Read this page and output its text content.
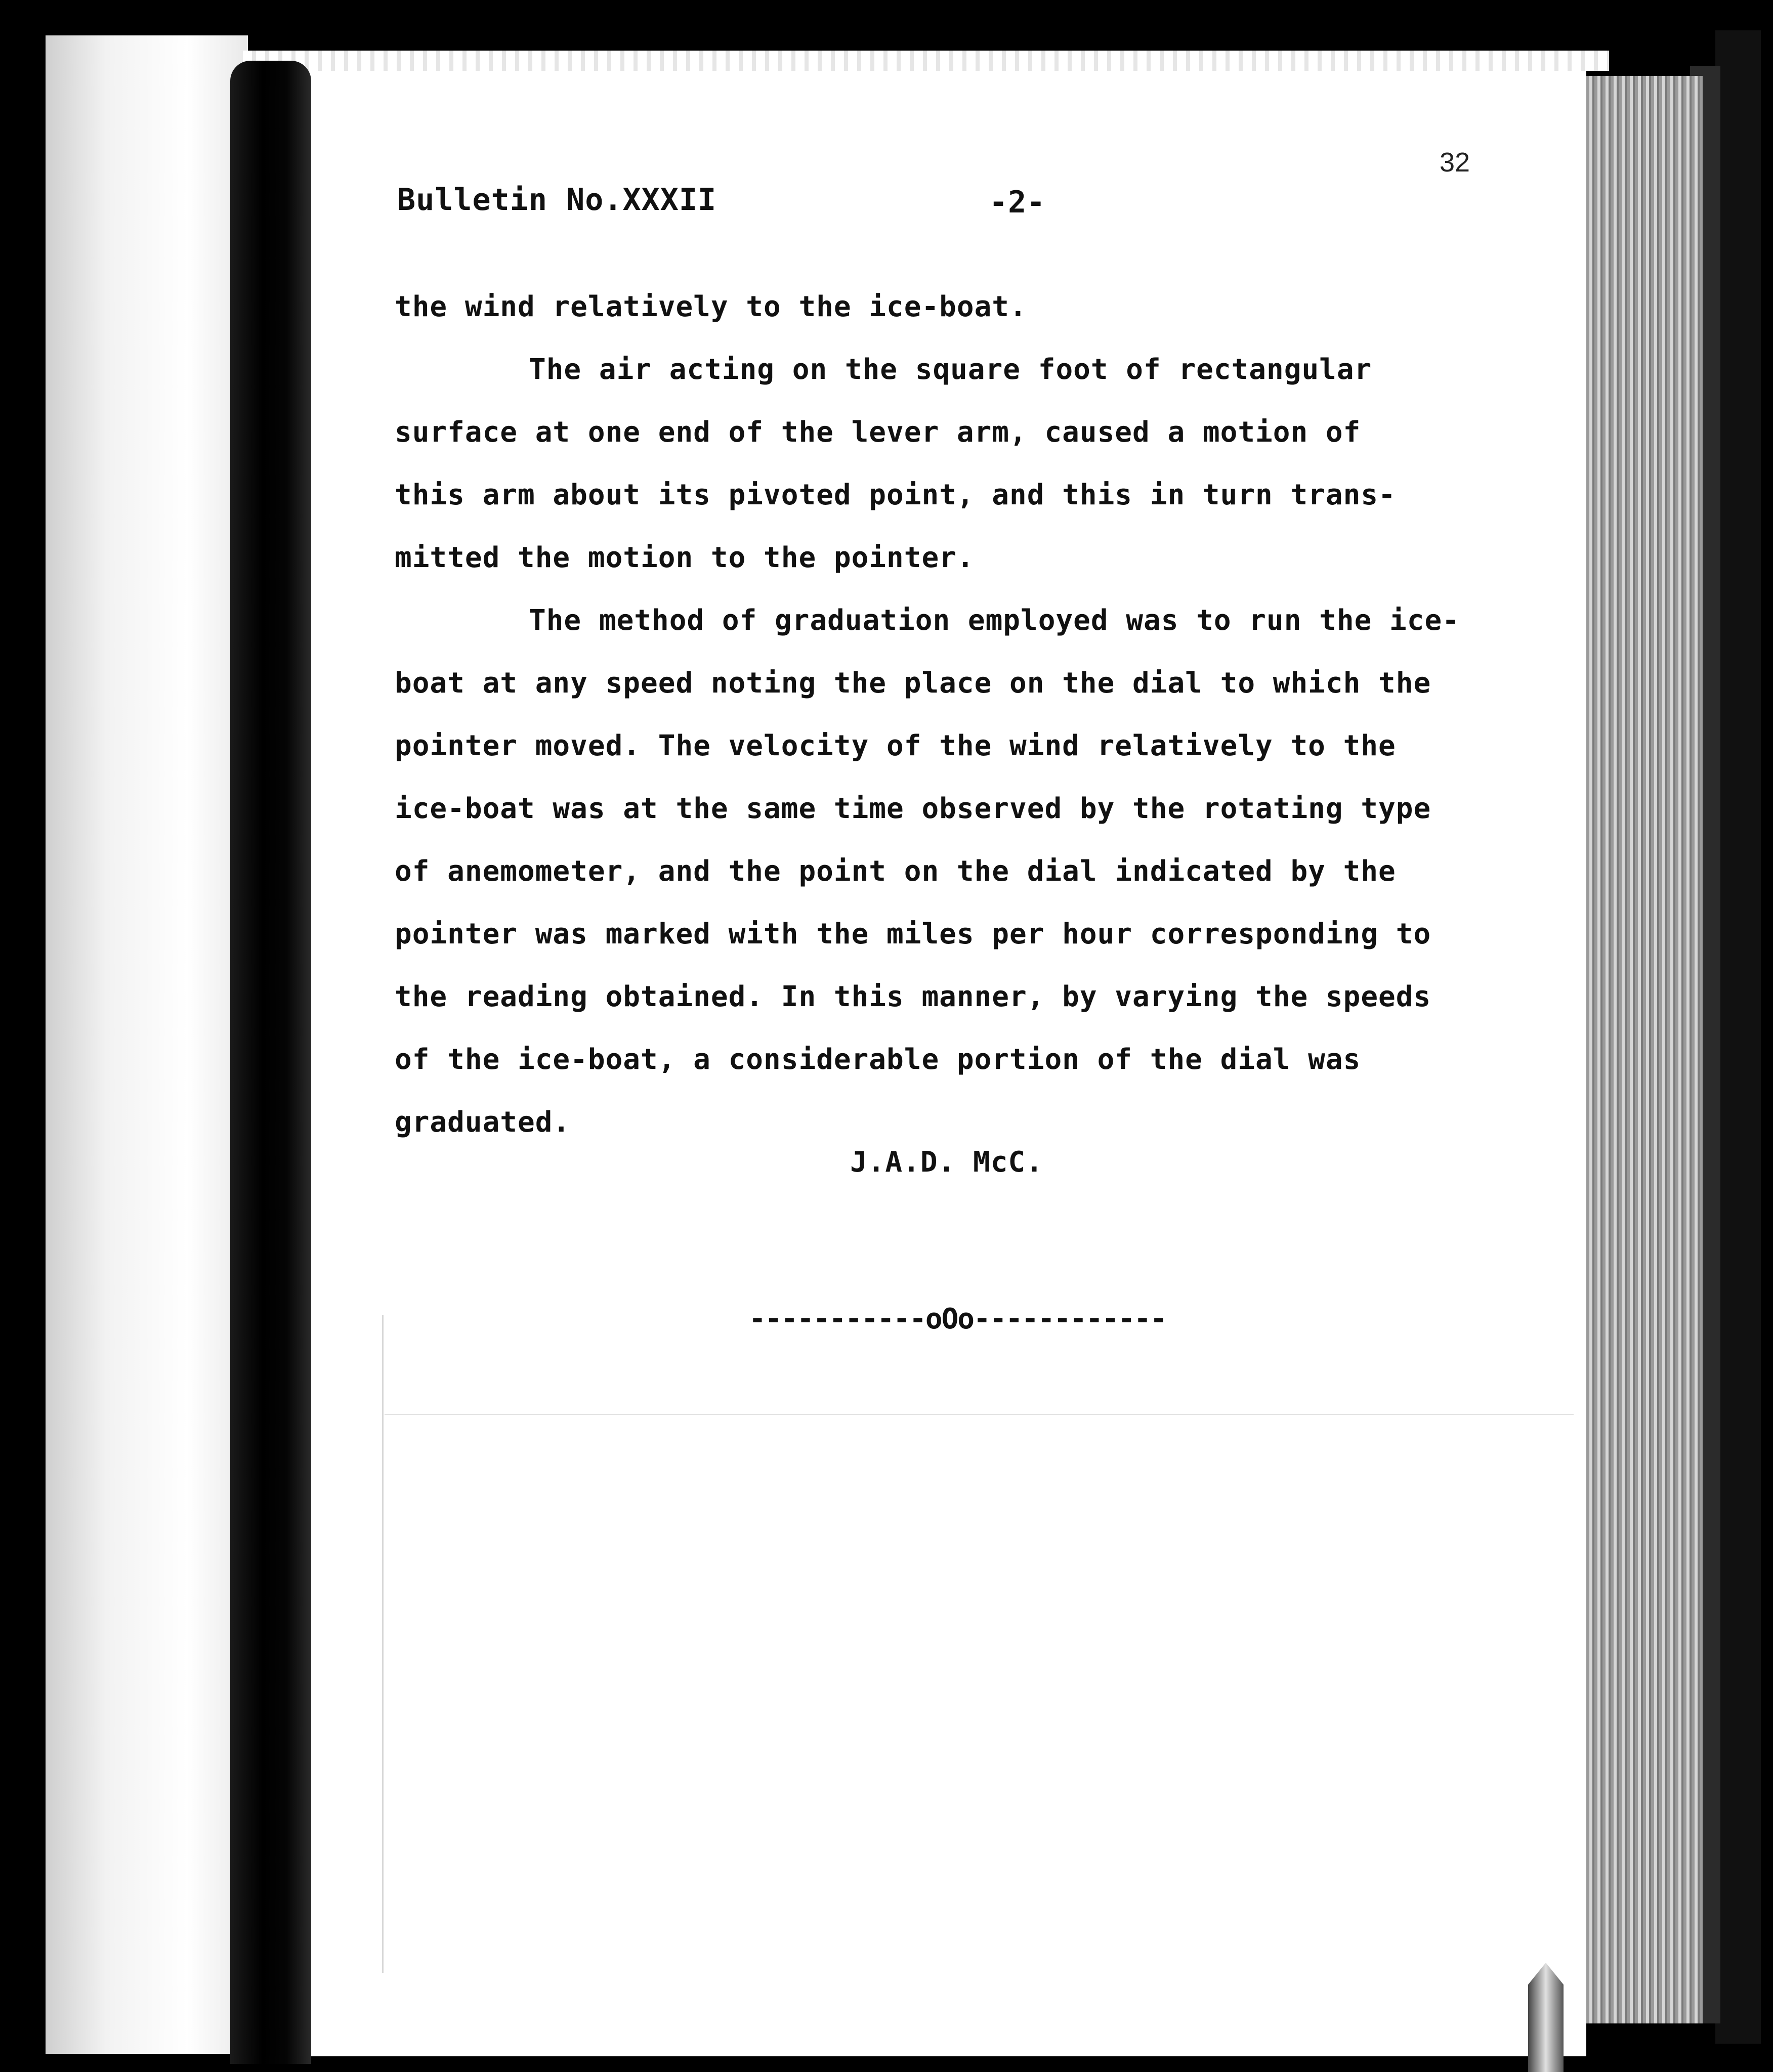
32
Bulletin No.XXXII	-2-

the wind relatively to the ice-boat.

The air acting on the square foot of rectangular
surface at one end of the lever arm, caused a motion of
this arm about its pivoted point, and this in turn trans-
mitted the motion to the pointer.

The method of graduation employed was to run the ice-
boat at any speed noting the place on the dial to which the
pointer moved. The velocity of the wind relatively to the
ice-boat was at the same time observed by the rotating type
of anemometer, and the point on the dial indicated by the
pointer was marked with the miles per hour corresponding to
the reading obtained. In this manner, by varying the speeds
of the ice-boat, a considerable portion of the dial was
graduated.

J.A.D. McC.
-----------oOo------------
